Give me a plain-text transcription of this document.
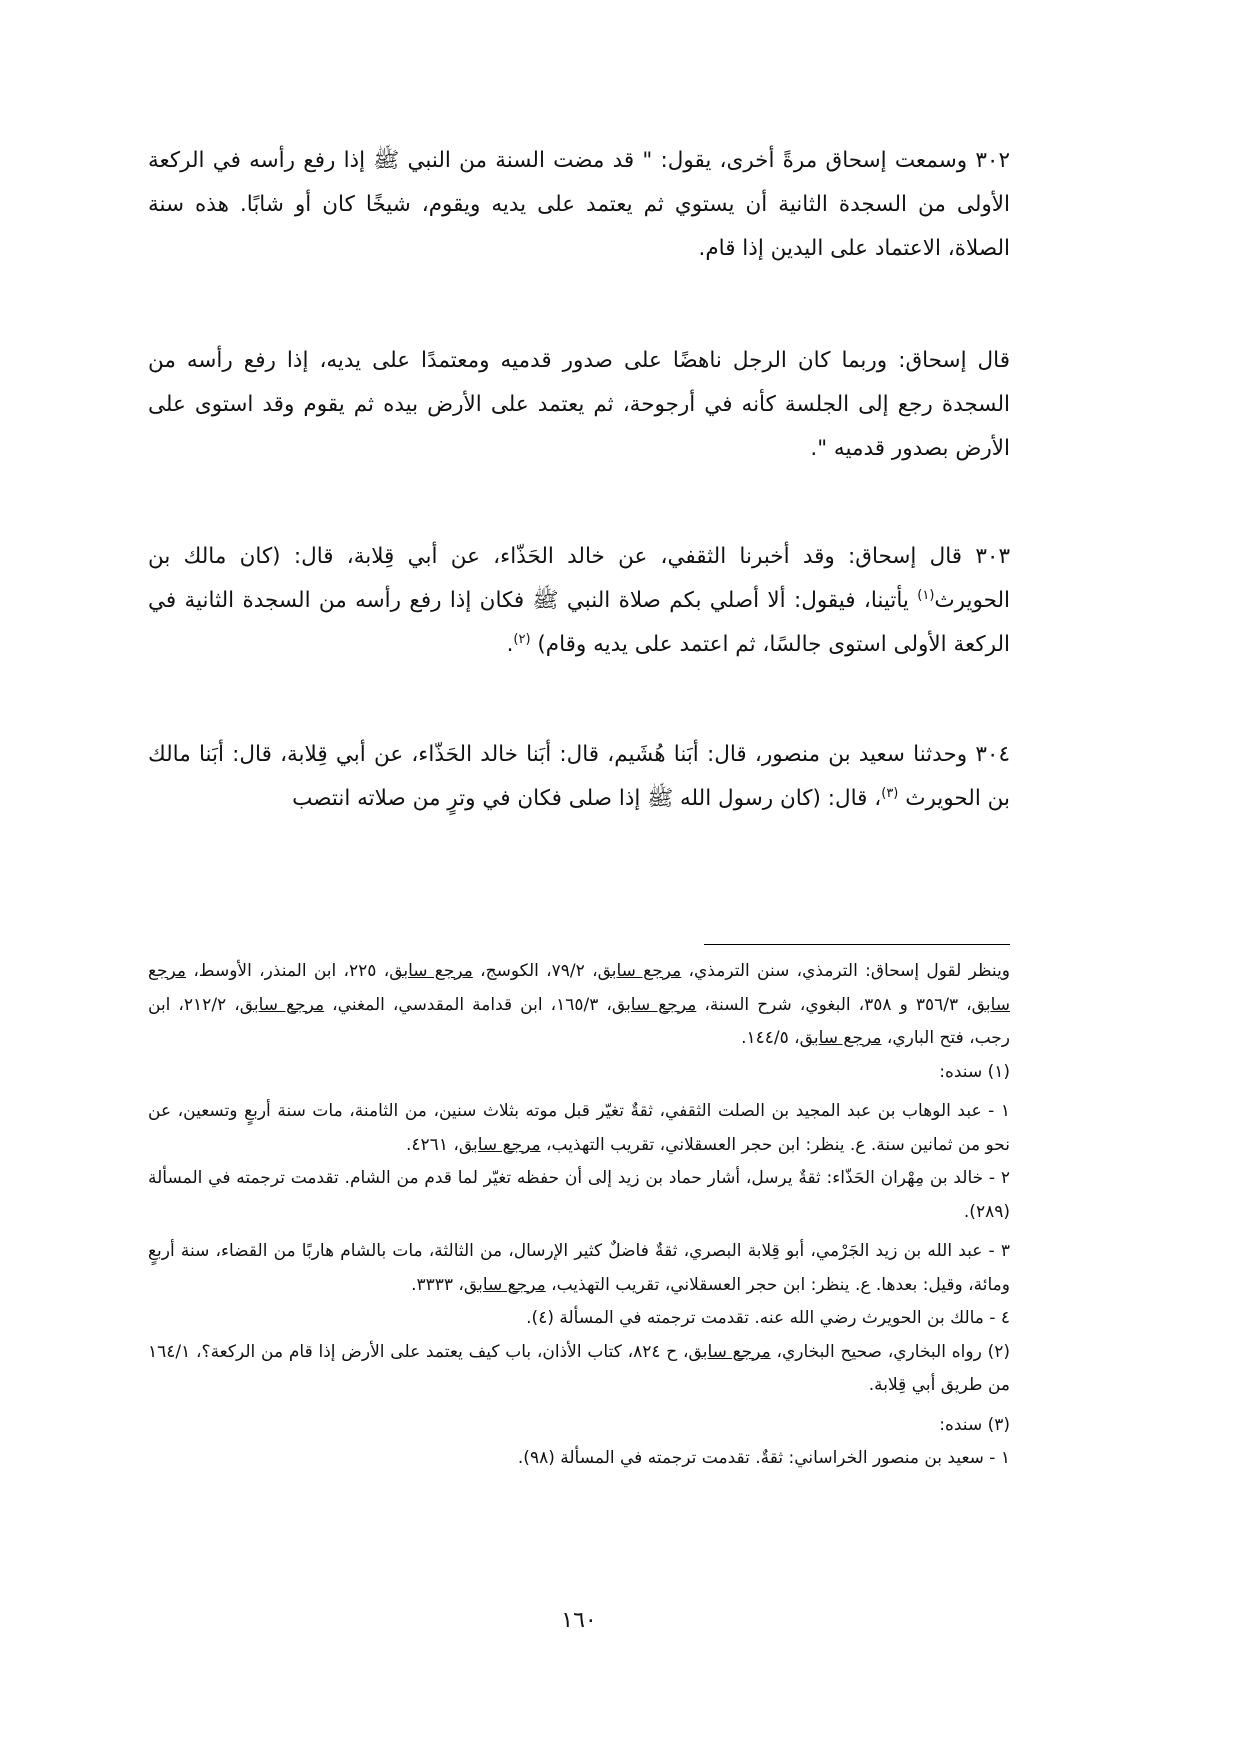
٣٠٢ وسمعت إسحاق مرةً أخرى، يقول: " قد مضت السنة من النبي ﷺ إذا رفع رأسه في الركعة الأولى من السجدة الثانية أن يستوي ثم يعتمد على يديه ويقوم، شيخًا كان أو شابًا. هذه سنة الصلاة، الاعتماد على اليدين إذا قام.

قال إسحاق: وربما كان الرجل ناهضًا على صدور قدميه ومعتمدًا على يديه، إذا رفع رأسه من السجدة رجع إلى الجلسة كأنه في أرجوحة، ثم يعتمد على الأرض بيده ثم يقوم وقد استوى على الأرض بصدور قدميه ".

٣٠٣ قال إسحاق: وقد أخبرنا الثقفي، عن خالد الحَذّاء، عن أبي قِلابة، قال: (كان مالك بن الحويرث$^{(١)}$ يأتينا، فيقول: ألا أصلي بكم صلاة النبي ﷺ فكان إذا رفع رأسه من السجدة الثانية في الركعة الأولى استوى جالسًا، ثم اعتمد على يديه وقام) $^{(٢)}$.

٣٠٤ وحدثنا سعيد بن منصور، قال: أبَنا هُشَيم، قال: أبَنا خالد الحَذّاء، عن أبي قِلابة، قال: أبَنا مالك بن الحويرث $^{(٣)}$، قال: (كان رسول الله ﷺ إذا صلى فكان في وترٍ من صلاته انتصب

وينظر لقول إسحاق: الترمذي، سنن الترمذي، مرجع سابق، ٧٩/٢، الكوسج، مرجع سابق، ٢٢٥، ابن المنذر، الأوسط، مرجع سابق، ٣٥٦/٣ و ٣٥٨، البغوي، شرح السنة، مرجع سابق، ١٦٥/٣، ابن قدامة المقدسي، المغني، مرجع سابق، ٢١٢/٢، ابن رجب، فتح الباري، مرجع سابق، ١٤٤/٥.

(١) سنده:

١ - عبد الوهاب بن عبد المجيد بن الصلت الثقفي، ثقةٌ تغيّر قبل موته بثلاث سنين، من الثامنة، مات سنة أربعٍ وتسعين، عن نحو من ثمانين سنة. ع. ينظر: ابن حجر العسقلاني، تقريب التهذيب، مرجع سابق، ٤٢٦١.

٢ - خالد بن مِهْران الحَذّاء: ثقةٌ يرسل، أشار حماد بن زيد إلى أن حفظه تغيّر لما قدم من الشام. تقدمت ترجمته في المسألة (٢٨٩).

٣ - عبد الله بن زيد الجَرْمي، أبو قِلابة البصري، ثقةٌ فاضلٌ كثير الإرسال، من الثالثة، مات بالشام هاربًا من القضاء، سنة أربعٍ ومائة، وقيل: بعدها. ع. ينظر: ابن حجر العسقلاني، تقريب التهذيب، مرجع سابق، ٣٣٣٣.

٤ - مالك بن الحويرث رضي الله عنه. تقدمت ترجمته في المسألة (٤).

(٢) رواه البخاري، صحيح البخاري، مرجع سابق، ح ٨٢٤، كتاب الأذان، باب كيف يعتمد على الأرض إذا قام من الركعة؟، ١٦٤/١ من طريق أبي قِلابة.

(٣) سنده:

١ - سعيد بن منصور الخراساني: ثقةٌ. تقدمت ترجمته في المسألة (٩٨).

١٦٠
